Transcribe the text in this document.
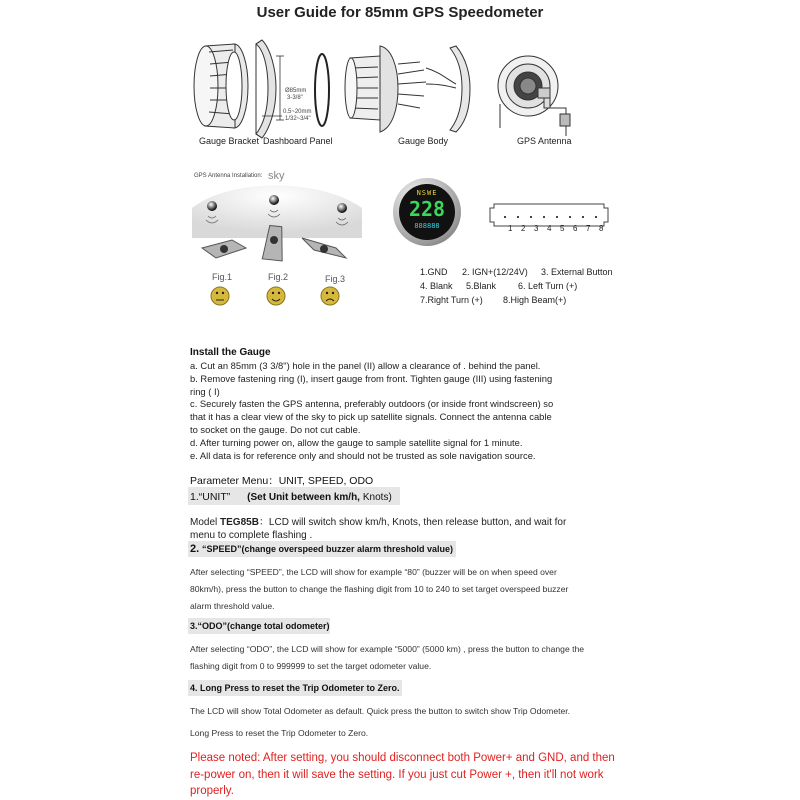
User Guide for 85mm GPS Speedometer
Ø85mm
3-3/8"
0.5~20mm
1/32~3/4"
Gauge Bracket Dashboard Panel	Gauge Body	GPS Antenna
GPS Antenna Installation: sky
Fig.1	Fig.2	Fig.3
NSWE
228
888888	1 2 3 4 5 6 7 8
1.GND 2. IGN+(12/24V) 3. External Button
4. Blank 5.Blank 6. Left Turn (+)
7.Right Turn (+) 8.High Beam(+)
Install the Gauge
a. Cut an 85mm (3 3/8") hole in the panel (II) allow a clearance of . behind the panel.
b. Remove fastening ring (I), insert gauge from front. Tighten gauge (III) using fastening
ring ( I)
c. Securely fasten the GPS antenna, preferably outdoors (or inside front windscreen) so
that it has a clear view of the sky to pick up satellite signals. Connect the antenna cable
to socket on the gauge. Do not cut cable.
d. After turning power on, allow the gauge to sample satellite signal for 1 minute.
e. All data is for reference only and should not be trusted as sole navigation source.
Parameter Menu：UNIT, SPEED, ODO
1.“UNIT” (Set Unit between km/h, Knots)
Model TEG85B：LCD will switch show km/h, Knots, then release button, and wait for
menu to complete flashing .
2. “SPEED”(change overspeed buzzer alarm threshold value)
After selecting “SPEED”, the LCD will show for example “80” (buzzer will be on when speed over
80km/h), press the button to change the flashing digit from 10 to 240 to set target overspeed buzzer
alarm threshold value.
3.“ODO”(change total odometer)
After selecting “ODO”, the LCD will show for example “5000” (5000 km) , press the button to change the
flashing digit from 0 to 999999 to set the target odometer value.
4. Long Press to reset the Trip Odometer to Zero.
The LCD will show Total Odometer as default. Quick press the button to switch show Trip Odometer.
Long Press to reset the Trip Odometer to Zero.
Please noted: After setting, you should disconnect both Power+ and GND, and then
re-power on, then it will save the setting. If you just cut Power +, then it'll not work
properly.
